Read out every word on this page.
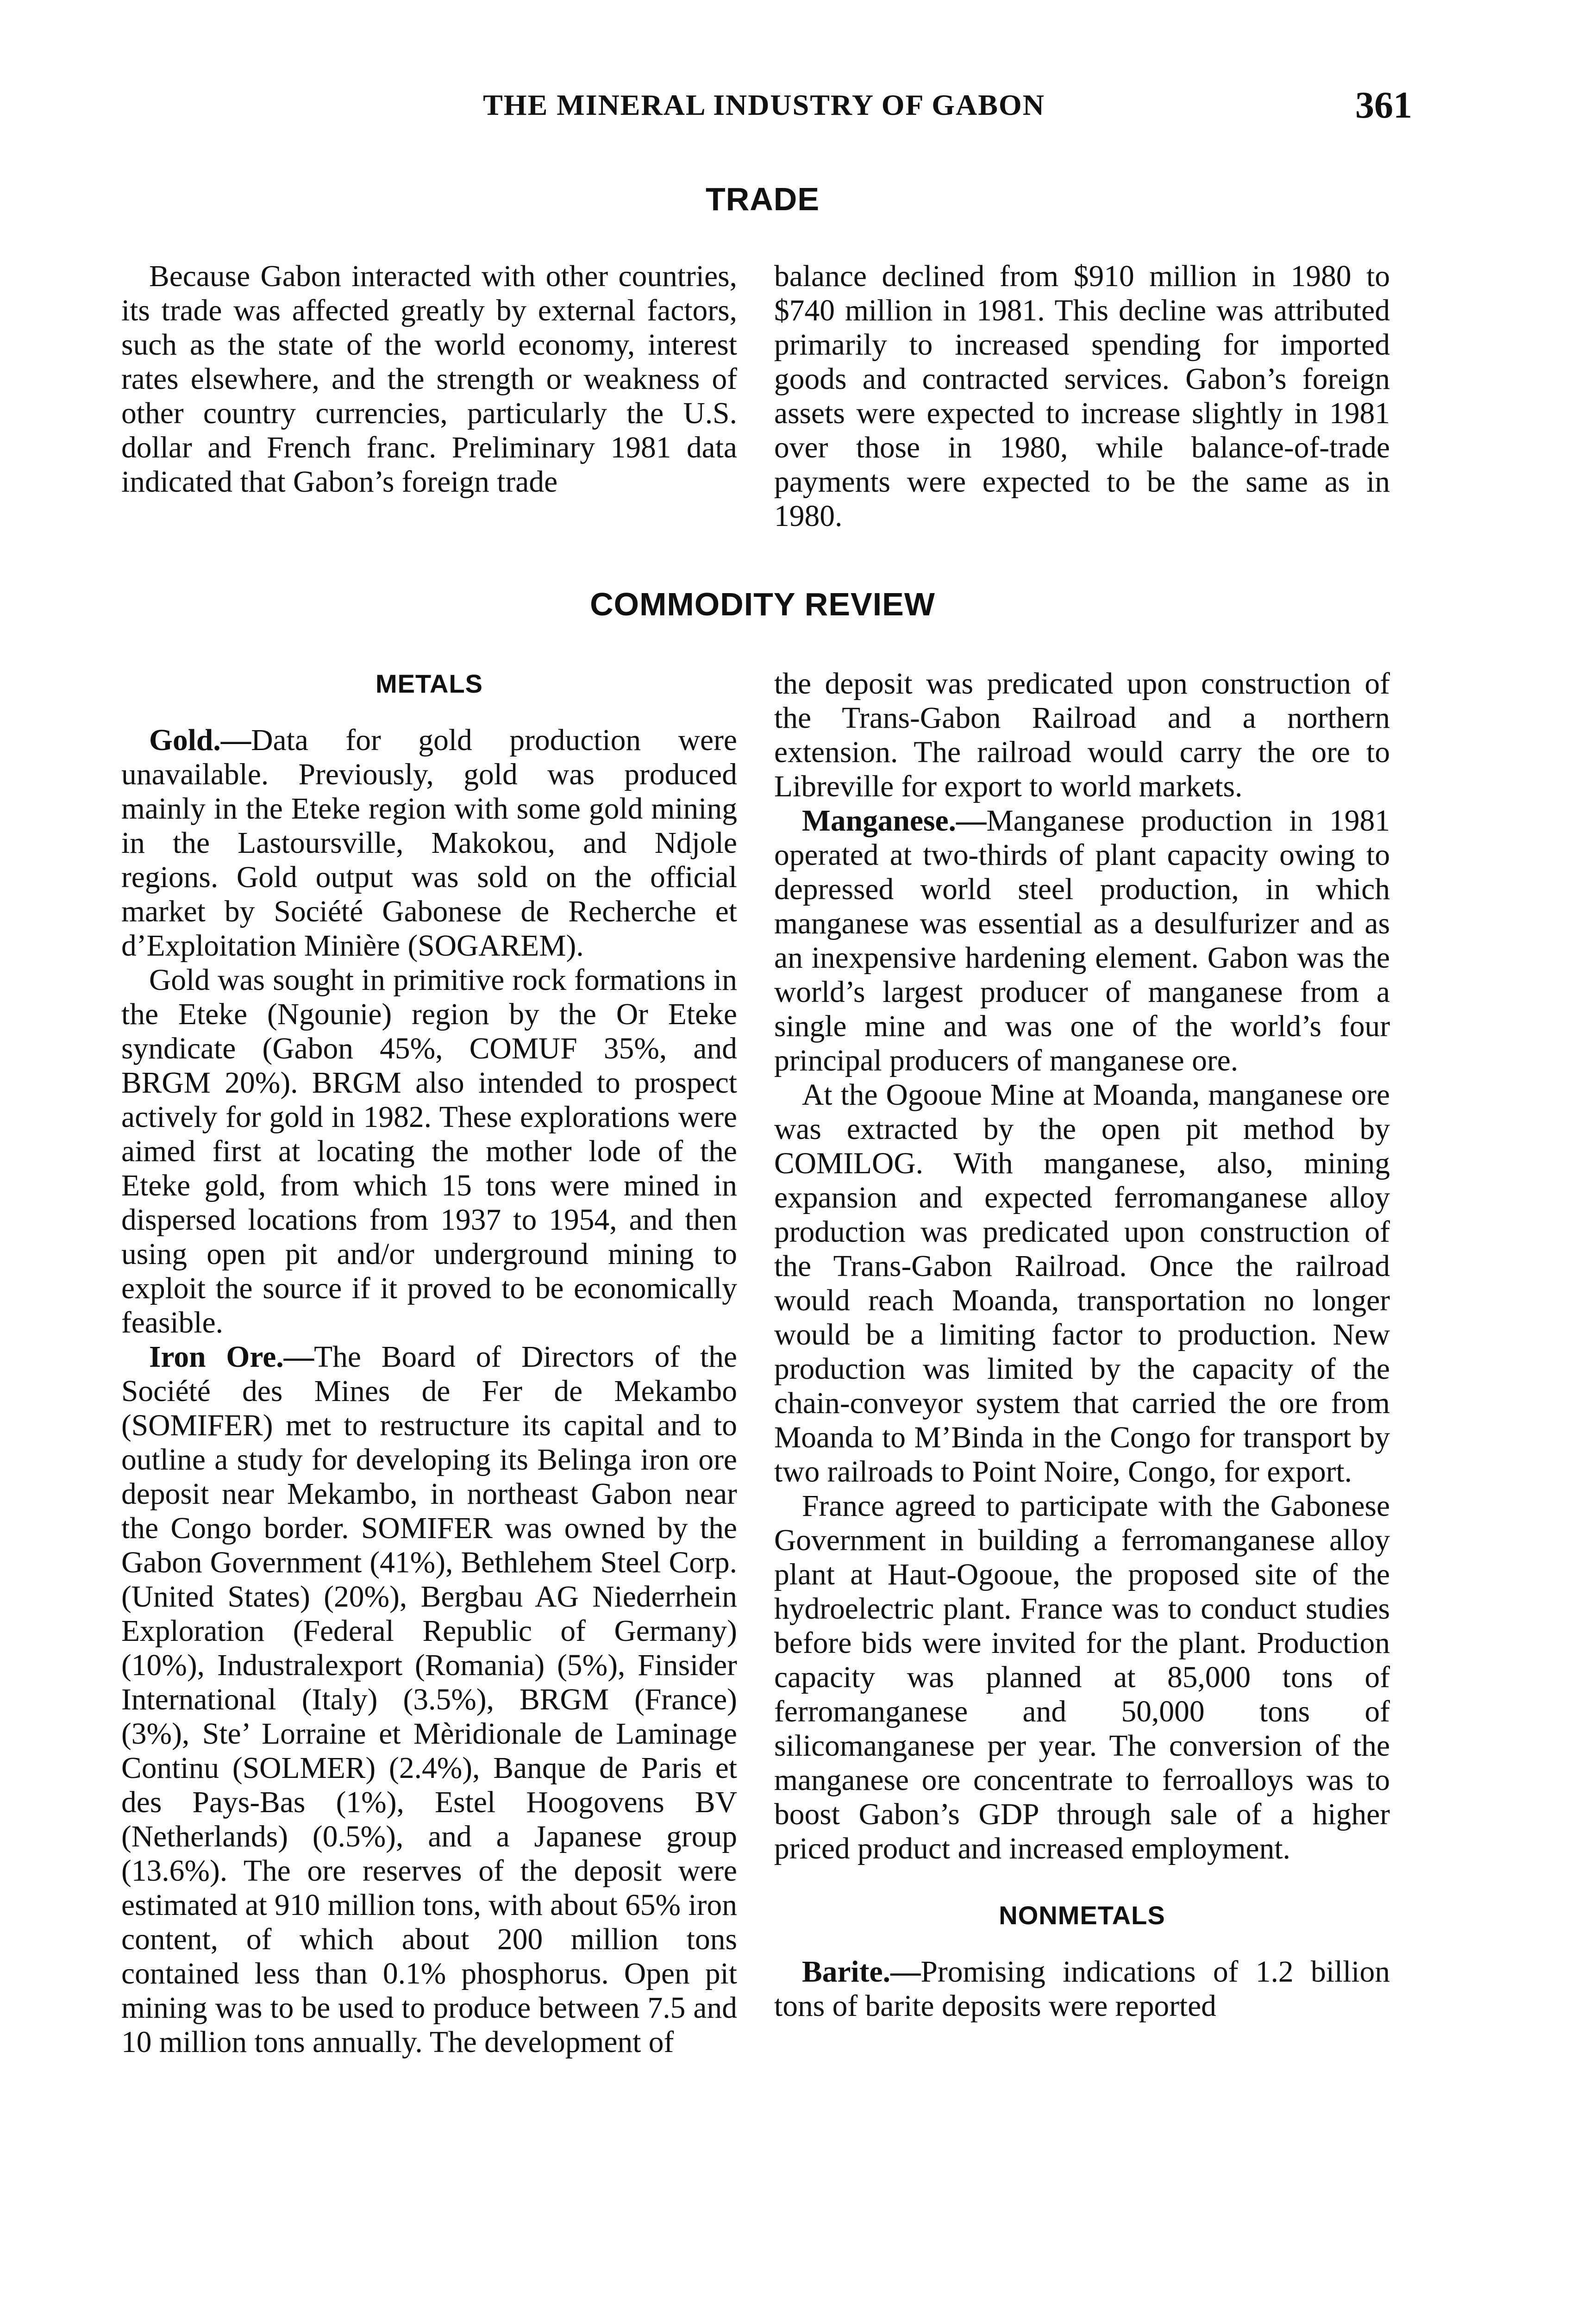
THE MINERAL INDUSTRY OF GABON	361
TRADE

Because Gabon interacted with other countries, its trade was affected greatly by external factors, such as the state of the world economy, interest rates elsewhere, and the strength or weakness of other country currencies, particularly the U.S. dollar and French franc. Preliminary 1981 data indicated that Gabon’s foreign trade

balance declined from $910 million in 1980 to $740 million in 1981. This decline was attributed primarily to increased spending for imported goods and contracted services. Gabon’s foreign assets were expected to increase slightly in 1981 over those in 1980, while balance-of-trade payments were expected to be the same as in 1980.

COMMODITY REVIEW
METALS

Gold.—Data for gold production were unavailable. Previously, gold was produced mainly in the Eteke region with some gold mining in the Lastoursville, Makokou, and Ndjole regions. Gold output was sold on the official market by Société Gabonese de Recherche et d’Exploitation Minière (SOGAREM).

Gold was sought in primitive rock formations in the Eteke (Ngounie) region by the Or Eteke syndicate (Gabon 45%, COMUF 35%, and BRGM 20%). BRGM also intended to prospect actively for gold in 1982. These explorations were aimed first at locating the mother lode of the Eteke gold, from which 15 tons were mined in dispersed locations from 1937 to 1954, and then using open pit and/or underground mining to exploit the source if it proved to be economically feasible.

Iron Ore.—The Board of Directors of the Société des Mines de Fer de Mekambo (SOMIFER) met to restructure its capital and to outline a study for developing its Belinga iron ore deposit near Mekambo, in northeast Gabon near the Congo border. SOMIFER was owned by the Gabon Government (41%), Bethlehem Steel Corp. (United States) (20%), Bergbau AG Niederrhein Exploration (Federal Republic of Germany) (10%), Industralexport (Romania) (5%), Finsider International (Italy) (3.5%), BRGM (France) (3%), Ste’ Lorraine et Mèridionale de Laminage Continu (SOLMER) (2.4%), Banque de Paris et des Pays-Bas (1%), Estel Hoogovens BV (Netherlands) (0.5%), and a Japanese group (13.6%). The ore reserves of the deposit were estimated at 910 million tons, with about 65% iron content, of which about 200 million tons contained less than 0.1% phosphorus. Open pit mining was to be used to produce between 7.5 and 10 million tons annually. The development of

the deposit was predicated upon construction of the Trans-Gabon Railroad and a northern extension. The railroad would carry the ore to Libreville for export to world markets.

Manganese.—Manganese production in 1981 operated at two-thirds of plant capacity owing to depressed world steel production, in which manganese was essential as a desulfurizer and as an inexpensive hardening element. Gabon was the world’s largest producer of manganese from a single mine and was one of the world’s four principal producers of manganese ore.

At the Ogooue Mine at Moanda, manganese ore was extracted by the open pit method by COMILOG. With manganese, also, mining expansion and expected ferromanganese alloy production was predicated upon construction of the Trans-Gabon Railroad. Once the railroad would reach Moanda, transportation no longer would be a limiting factor to production. New production was limited by the capacity of the chain-conveyor system that carried the ore from Moanda to M’Binda in the Congo for transport by two railroads to Point Noire, Congo, for export.

France agreed to participate with the Gabonese Government in building a ferromanganese alloy plant at Haut-Ogoouе, the proposed site of the hydroelectric plant. France was to conduct studies before bids were invited for the plant. Production capacity was planned at 85,000 tons of ferromanganese and 50,000 tons of silicomanganese per year. The conversion of the manganese ore concentrate to ferroalloys was to boost Gabon’s GDP through sale of a higher priced product and increased employment.

NONMETALS

Barite.—Promising indications of 1.2 billion tons of barite deposits were reported
